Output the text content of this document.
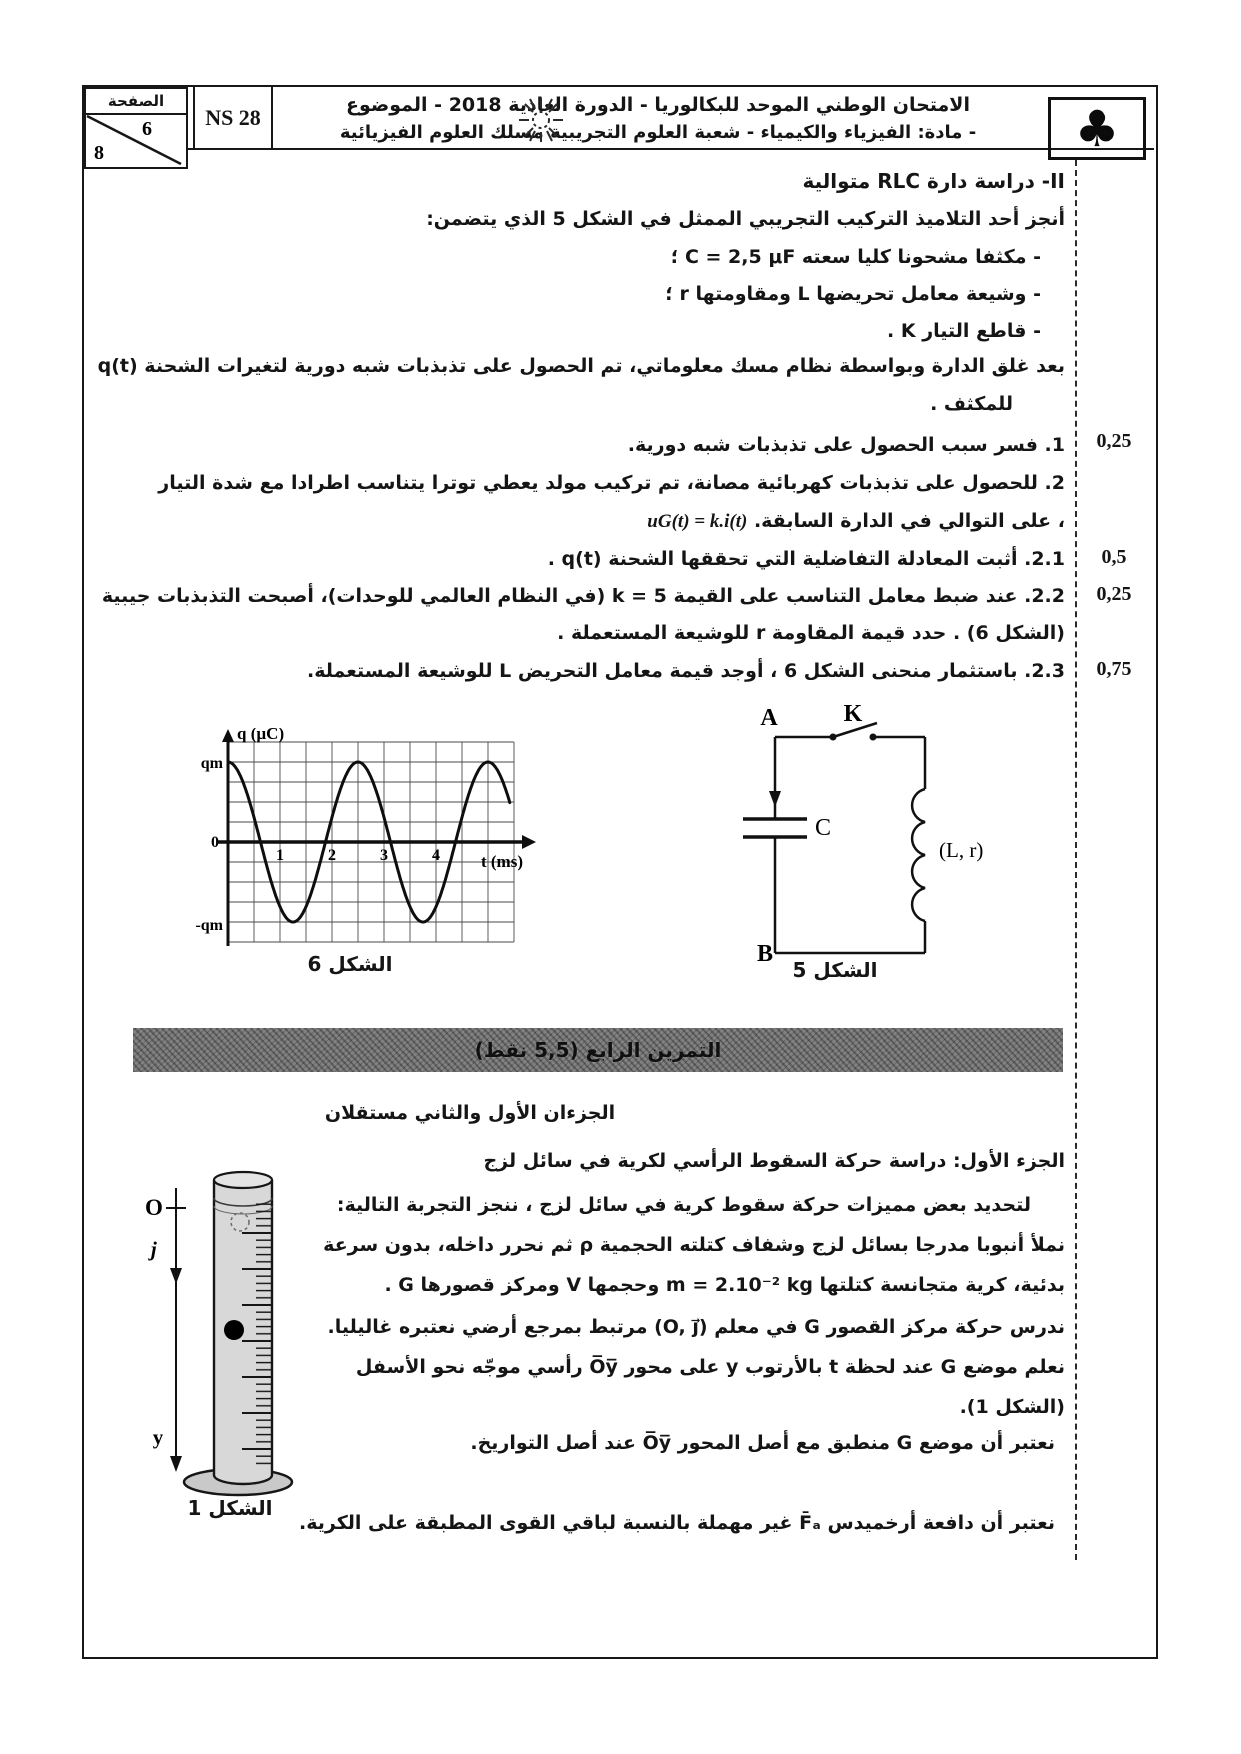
الصفحة
6
8
NS 28	الامتحان الوطني الموحد للبكالوريا - الدورة العادية 2018 - الموضوع
- مادة: الفيزياء والكيمياء - شعبة العلوم التجريبية مسلك العلوم الفيزيائية	♣
0,25
0,5
0,25
0,75
II- دراسة دارة RLC متوالية
أنجز أحد التلاميذ التركيب التجريبي الممثل في الشكل 5 الذي يتضمن:
- مكثفا مشحونا كليا سعته C = 2,5 μF ؛
- وشيعة معامل تحريضها L ومقاومتها r ؛
- قاطع التيار K .
بعد غلق الدارة وبواسطة نظام مسك معلوماتي، تم الحصول على تذبذبات شبه دورية لتغيرات الشحنة q(t)
للمكثف .
1. فسر سبب الحصول على تذبذبات شبه دورية.
2. للحصول على تذبذبات كهربائية مصانة، تم تركيب مولد يعطي توترا يتناسب اطرادا مع شدة التيار
، على التوالي في الدارة السابقة. uG(t) = k.i(t)
2.1. أثبت المعادلة التفاضلية التي تحققها الشحنة q(t) .
2.2. عند ضبط معامل التناسب على القيمة k = 5 (في النظام العالمي للوحدات)، أصبحت التذبذبات جيبية
(الشكل 6) . حدد قيمة المقاومة r للوشيعة المستعملة .
2.3. باستثمار منحنى الشكل 6 ، أوجد قيمة معامل التحريض L للوشيعة المستعملة.
q (µC)
qm
0
-qm
1	2	3	4 t (ms)
الشكل 6
A	K
C
(L, r)
B
الشكل 5
التمرين الرابع (5,5 نقط)
الجزءان الأول والثاني مستقلان
الجزء الأول: دراسة حركة السقوط الرأسي لكرية في سائل لزج
لتحديد بعض مميزات حركة سقوط كرية في سائل لزج ، ننجز التجربة التالية:
نملأ أنبوبا مدرجا بسائل لزج وشفاف كتلته الحجمية ρ ثم نحرر داخله، بدون سرعة
بدئية، كرية متجانسة كتلتها m = 2.10⁻² kg وحجمها V ومركز قصورها G .
ندرس حركة مركز القصور G في معلم (O, j⃗) مرتبط بمرجع أرضي نعتبره غاليليا.
نعلم موضع G عند لحظة t بالأرتوب y على محور O̅y̅ رأسي موجّه نحو الأسفل
(الشكل 1).
نعتبر أن موضع G منطبق مع أصل المحور O̅y̅ عند أصل التواريخ.
نعتبر أن دافعة أرخميدس F̄ₐ غير مهملة بالنسبة لباقي القوى المطبقة على الكرية.
O
j⃗
y
الشكل 1
